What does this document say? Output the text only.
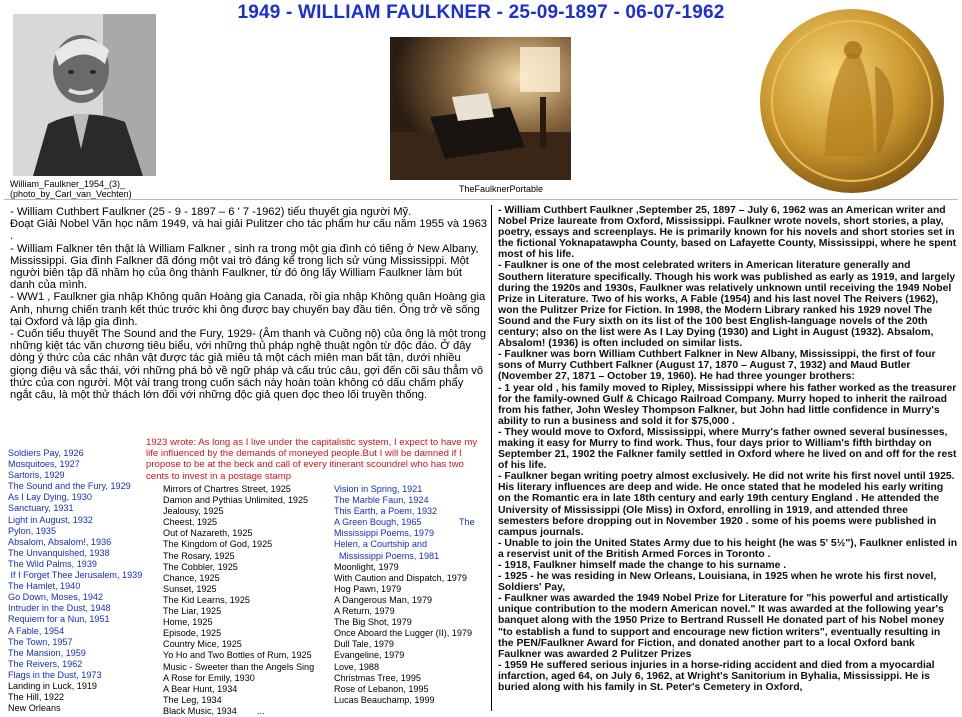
1949 - WILLIAM FAULKNER - 25-09-1897 - 06-07-1962
William_Faulkner_1954_(3)_
(photo_by_Carl_van_Vechten)	TheFaulknerPortable

- William Cuthbert Faulkner (25 - 9 - 1897 – 6 ' 7 -1962) tiểu thuyết gia người Mỹ.

Đoạt Giải Nobel Văn học năm 1949, và hai giải Pulitzer cho tác phẩm hư cấu năm 1955 và 1963 .

- William Falkner tên thật là William Falkner , sinh ra trong một gia đình có tiếng ở New Albany, Mississippi. Gia đình Falkner đã đóng một vai trò đáng kể trong lịch sử vùng Mississippi. Một người biên tập đã nhầm họ của ông thành Faulkner, từ đó ông lấy William Faulkner làm bút danh của mình.

- WW1 , Faulkner gia nhập Không quân Hoàng gia Canada, rồi gia nhập Không quân Hoàng gia Anh, nhưng chiến tranh kết thúc trước khi ông được bay chuyến bay đầu tiên. Ông trở về sống tại Oxford và lập gia đình.

- Cuốn tiểu thuyết The Sound and the Fury, 1929- (Âm thanh và Cuồng nộ) của ông là một trong những kiệt tác văn chương tiêu biểu, với những thủ pháp nghệ thuật ngôn từ độc đáo. Ở đây dòng ý thức của các nhân vật được tác giả miêu tả một cách miên man bất tận, dưới nhiều giọng điệu và sắc thái, với những phá bỏ về ngữ pháp và cấu trúc câu, gợi đến cõi sâu thẳm vô thức của con người. Một vài trang trong cuốn sách này hoàn toàn không có dấu chấm phẩy ngắt câu, là một thử thách lớn đối với những độc giả quen đọc theo lối truyền thống.

1923 wrote: As long as I live under the capitalistic system, I expect to have my life influenced by the demands of moneyed people.But I will be damned if I propose to be at the beck and call of every itinerant scoundrel who has two cents to invest in a postage stamp
Soldiers Pay, 1926
Mosquitoes, 1927
Sartoris, 1929
The Sound and the Fury, 1929
As I Lay Dying, 1930
Sanctuary, 1931
Light in August, 1932
Pylon, 1935
Absalom, Absalom!, 1936
The Unvanquished, 1938
The Wild Palms, 1939
If I Forget Thee Jerusalem, 1939
The Hamlet, 1940
Go Down, Moses, 1942
Intruder in the Dust, 1948
Requiem for a Nun, 1951
A Fable, 1954
The Town, 1957
The Mansion, 1959
The Reivers, 1962
Flags in the Dust, 1973
Landing in Luck, 1919
The Hill, 1922
New Orleans
Mirrors of Chartres Street, 1925
Damon and Pythias Unlimited, 1925
Jealousy, 1925
Cheest, 1925
Out of Nazareth, 1925
The Kingdom of God, 1925
The Rosary, 1925
The Cobbler, 1925
Chance, 1925
Sunset, 1925
The Kid Learns, 1925
The Liar, 1925
Home, 1925
Episode, 1925
Country Mice, 1925
Yo Ho and Two Bottles of Rum, 1925
Music - Sweeter than the Angels Sing
A Rose for Emily, 1930
A Bear Hunt, 1934
The Leg, 1934
Black Music, 1934        ...
Vision in Spring, 1921
The Marble Faun, 1924
This Earth, a Poem, 1932
A Green Bough, 1965
Mississippi Poems, 1979
Helen, a Courtship and
Mississippi Poems, 1981
Moonlight, 1979
With Caution and Dispatch, 1979
Hog Pawn, 1979
A Dangerous Man, 1979
A Return, 1979
The Big Shot, 1979
Once Aboard the Lugger (II), 1979
Dull Tale, 1979
Evangeline, 1979
Love, 1988
Christmas Tree, 1995
Rose of Lebanon, 1995
Lucas Beauchamp, 1999
The

- William Cuthbert Faulkner ,September 25, 1897 – July 6, 1962 was an American writer and Nobel Prize laureate from Oxford, Mississippi. Faulkner wrote novels, short stories, a play, poetry, essays and screenplays. He is primarily known for his novels and short stories set in the fictional Yoknapatawpha County, based on Lafayette County, Mississippi, where he spent most of his life.

- Faulkner is one of the most celebrated writers in American literature generally and Southern literature specifically. Though his work was published as early as 1919, and largely during the 1920s and 1930s, Faulkner was relatively unknown until receiving the 1949 Nobel Prize in Literature. Two of his works, A Fable (1954) and his last novel The Reivers (1962), won the Pulitzer Prize for Fiction. In 1998, the Modern Library ranked his 1929 novel The Sound and the Fury sixth on its list of the 100 best English-language novels of the 20th century; also on the list were As I Lay Dying (1930) and Light in August (1932). Absalom, Absalom! (1936) is often included on similar lists.

- Faulkner was born William Cuthbert Falkner in New Albany, Mississippi, the first of four sons of Murry Cuthbert Falkner (August 17, 1870 – August 7, 1932) and Maud Butler (November 27, 1871 – October 19, 1960). He had three younger brothers:

- 1 year old , his family moved to Ripley, Mississippi where his father worked as the treasurer for the family-owned Gulf & Chicago Railroad Company. Murry hoped to inherit the railroad from his father, John Wesley Thompson Falkner, but John had little confidence in Murry's ability to run a business and sold it for $75,000 .

- They would move to Oxford, Mississippi, where Murry's father owned several businesses, making it easy for Murry to find work. Thus, four days prior to William's fifth birthday on September 21, 1902 the Falkner family settled in Oxford where he lived on and off for the rest of his life.

- Faulkner began writing poetry almost exclusively. He did not write his first novel until 1925. His literary influences are deep and wide. He once stated that he modeled his early writing on the Romantic era in late 18th century and early 19th century England . He attended the University of Mississippi (Ole Miss) in Oxford, enrolling in 1919, and attended three semesters before dropping out in November 1920 . some of his poems were published in campus journals.

- Unable to join the United States Army due to his height (he was 5' 5½"), Faulkner enlisted in a reservist unit of the British Armed Forces in Toronto .

- 1918, Faulkner himself made the change to his surname .

- 1925 - he was residing in New Orleans, Louisiana, in 1925 when he wrote his first novel, Soldiers' Pay,

- Faulkner was awarded the 1949 Nobel Prize for Literature for "his powerful and artistically unique contribution to the modern American novel." It was awarded at the following year's banquet along with the 1950 Prize to Bertrand Russell He donated part of his Nobel money "to establish a fund to support and encourage new fiction writers", eventually resulting in the PEN/Faulkner Award for Fiction, and donated another part to a local Oxford bank Faulkner was awarded 2 Pulitzer Prizes

- 1959 He suffered serious injuries in a horse-riding accident and died from a myocardial infarction, aged 64, on July 6, 1962, at Wright's Sanitorium in Byhalia, Mississippi. He is buried along with his family in St. Peter's Cemetery in Oxford,
